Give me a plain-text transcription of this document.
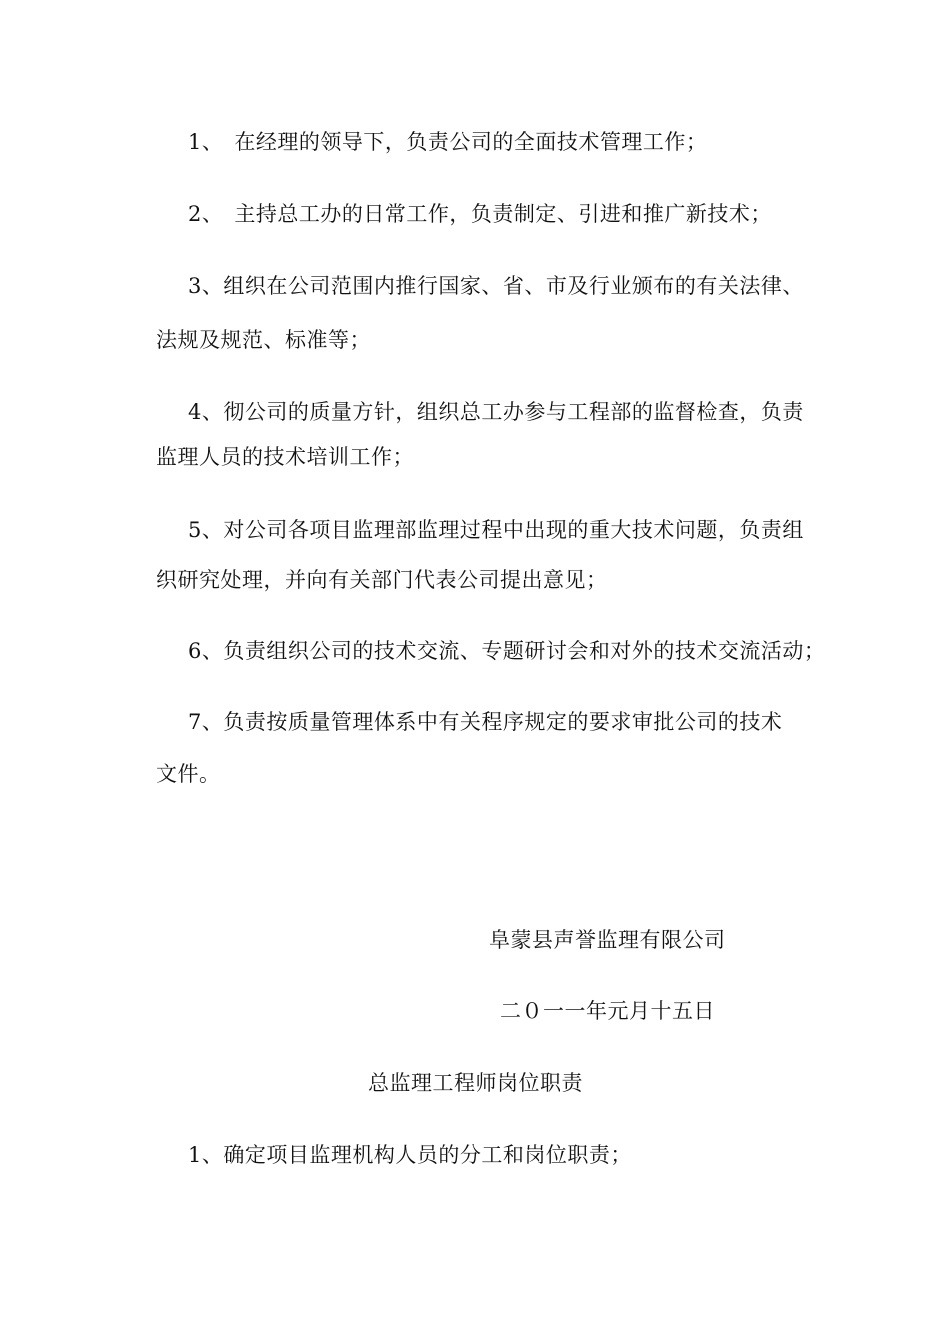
1、　在经理的领导下，负责公司的全面技术管理工作；
2、　主持总工办的日常工作，负责制定、引进和推广新技术；
3、组织在公司范围内推行国家、省、市及行业颁布的有关法律、
法规及规范、标准等；
4、彻公司的质量方针，组织总工办参与工程部的监督检查，负责
监理人员的技术培训工作；
5、对公司各项目监理部监理过程中出现的重大技术问题，负责组
织研究处理，并向有关部门代表公司提出意见；
6、负责组织公司的技术交流、专题研讨会和对外的技术交流活动；
7、负责按质量管理体系中有关程序规定的要求审批公司的技术
文件。
阜蒙县声誉监理有限公司
二０一一年元月十五日
总监理工程师岗位职责
1、确定项目监理机构人员的分工和岗位职责；
